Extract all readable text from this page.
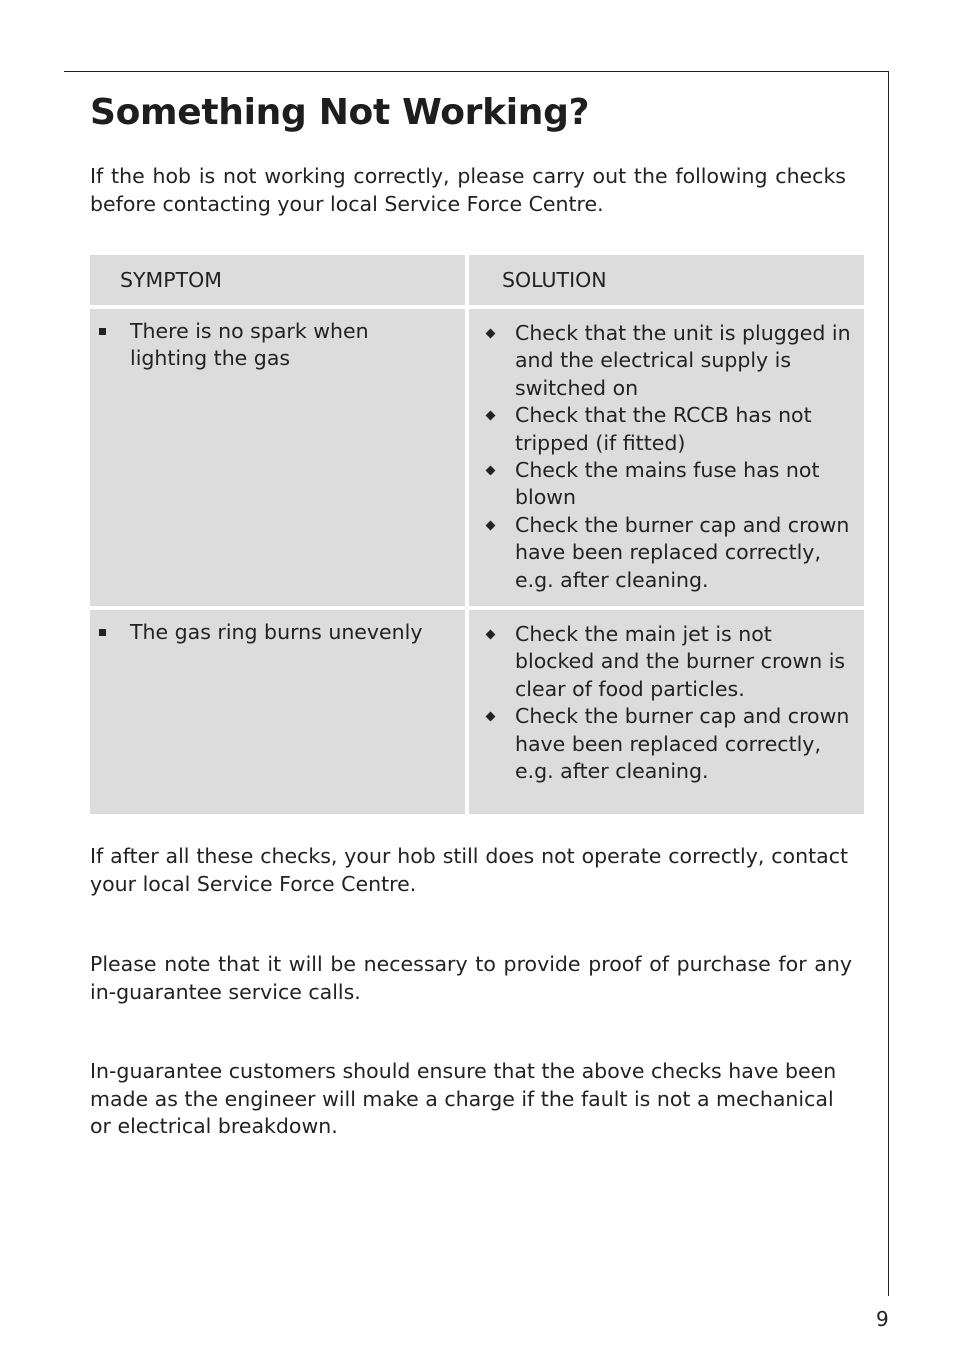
Something Not Working?

If the hob is not working correctly, please carry out the following checks before contacting your local Service Force Centre.

SYMPTOM	SOLUTION
There is no spark when lighting the gas
Check that the unit is plugged in and the electrical supply is switched on
Check that the RCCB has not tripped (if fitted)
Check the mains fuse has not blown
Check the burner cap and crown have been replaced correctly, e.g. after cleaning.
The gas ring burns unevenly	Check the main jet is not blocked and the burner crown is clear of food particles.
Check the burner cap and crown have been replaced correctly, e.g. after cleaning.

If after all these checks, your hob still does not operate correctly, contact your local Service Force Centre.

Please note that it will be necessary to provide proof of purchase for any in-guarantee service calls.

In-guarantee customers should ensure that the above checks have been made as the engineer will make a charge if the fault is not a mechanical or electrical breakdown.

9
